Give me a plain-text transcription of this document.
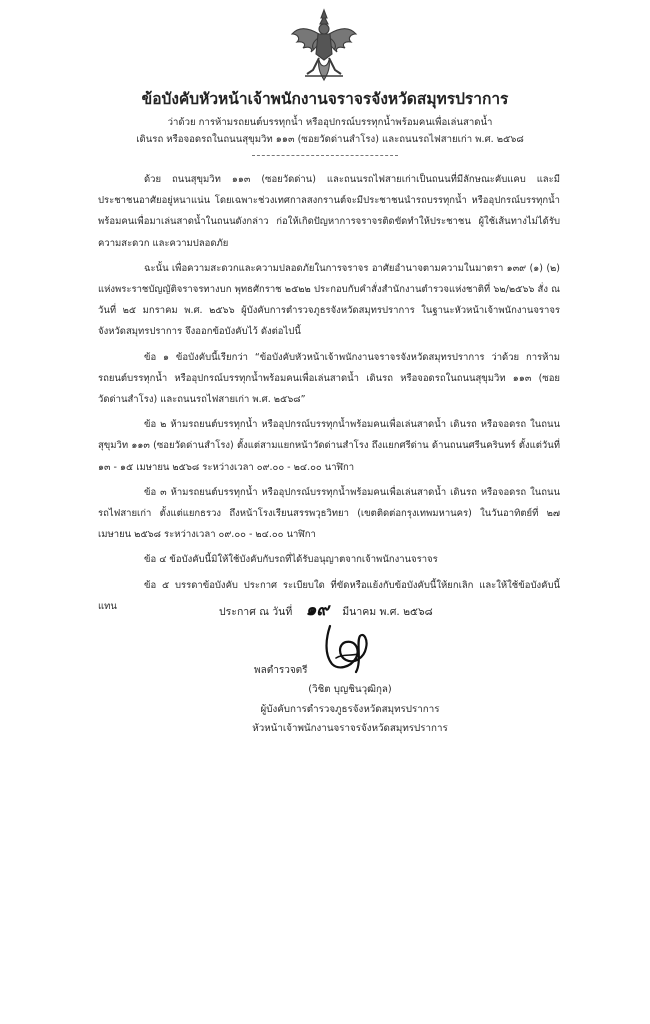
ข้อบังคับหัวหน้าเจ้าพนักงานจราจรจังหวัดสมุทรปราการ
ว่าด้วย การห้ามรถยนต์บรรทุกน้ำ หรืออุปกรณ์บรรทุกน้ำพร้อมคนเพื่อเล่นสาดน้ำ
เดินรถ หรือจอดรถในถนนสุขุมวิท ๑๑๓ (ซอยวัดด่านสำโรง) และถนนรถไฟสายเก่า พ.ศ. ๒๕๖๘

ด้วย ถนนสุขุมวิท ๑๑๓ (ซอยวัดด่าน) และถนนรถไฟสายเก่าเป็นถนนที่มีลักษณะคับแคบ และมีประชาชนอาศัยอยู่หนาแน่น โดยเฉพาะช่วงเทศกาลสงกรานต์จะมีประชาชนนำรถบรรทุกน้ำ หรืออุปกรณ์บรรทุกน้ำพร้อมคนเพื่อมาเล่นสาดน้ำในถนนดังกล่าว ก่อให้เกิดปัญหาการจราจรติดขัดทำให้ประชาชน ผู้ใช้เส้นทางไม่ได้รับความสะดวก และความปลอดภัย

ฉะนั้น เพื่อความสะดวกและความปลอดภัยในการจราจร อาศัยอำนาจตามความในมาตรา ๑๓๙ (๑) (๒) แห่งพระราชบัญญัติจราจรทางบก พุทธศักราช ๒๕๒๒ ประกอบกับคำสั่งสำนักงานตำรวจแห่งชาติที่ ๖๒/๒๕๖๖ สั่ง ณ วันที่ ๒๕ มกราคม พ.ศ. ๒๕๖๖ ผู้บังคับการตำรวจภูธรจังหวัดสมุทรปราการ ในฐานะหัวหน้าเจ้าพนักงานจราจรจังหวัดสมุทรปราการ จึงออกข้อบังคับไว้ ดังต่อไปนี้

ข้อ ๑ ข้อบังคับนี้เรียกว่า “ข้อบังคับหัวหน้าเจ้าพนักงานจราจรจังหวัดสมุทรปราการ ว่าด้วย การห้ามรถยนต์บรรทุกน้ำ หรืออุปกรณ์บรรทุกน้ำพร้อมคนเพื่อเล่นสาดน้ำ เดินรถ หรือจอดรถในถนนสุขุมวิท ๑๑๓ (ซอยวัดด่านสำโรง) และถนนรถไฟสายเก่า พ.ศ. ๒๕๖๘”

ข้อ ๒ ห้ามรถยนต์บรรทุกน้ำ หรืออุปกรณ์บรรทุกน้ำพร้อมคนเพื่อเล่นสาดน้ำ เดินรถ หรือจอดรถ ในถนนสุขุมวิท ๑๑๓ (ซอยวัดด่านสำโรง) ตั้งแต่สามแยกหน้าวัดด่านสำโรง ถึงแยกศรีด่าน ด้านถนนศรีนครินทร์ ตั้งแต่วันที่ ๑๓ - ๑๕ เมษายน ๒๕๖๘ ระหว่างเวลา ๐๙.๐๐ - ๒๔.๐๐ นาฬิกา

ข้อ ๓ ห้ามรถยนต์บรรทุกน้ำ หรืออุปกรณ์บรรทุกน้ำพร้อมคนเพื่อเล่นสาดน้ำ เดินรถ หรือจอดรถ ในถนนรถไฟสายเก่า ตั้งแต่แยกธรวง ถึงหน้าโรงเรียนสรรพวุธวิทยา (เขตติดต่อกรุงเทพมหานคร) ในวันอาทิตย์ที่ ๒๗ เมษายน ๒๕๖๘ ระหว่างเวลา ๐๙.๐๐ - ๒๔.๐๐ นาฬิกา

ข้อ ๔ ข้อบังคับนี้มิให้ใช้บังคับกับรถที่ได้รับอนุญาตจากเจ้าพนักงานจราจร

ข้อ ๕ บรรดาข้อบังคับ ประกาศ ระเบียบใด ที่ขัดหรือแย้งกับข้อบังคับนี้ให้ยกเลิก และให้ใช้ข้อบังคับนี้แทน	ประกาศ ณ วันที่ ๑๙ มีนาคม พ.ศ. ๒๕๖๘
พลตำรวจตรี
(วิชิต บุญชินวุฒิกุล)
ผู้บังคับการตำรวจภูธรจังหวัดสมุทรปราการ
หัวหน้าเจ้าพนักงานจราจรจังหวัดสมุทรปราการ
